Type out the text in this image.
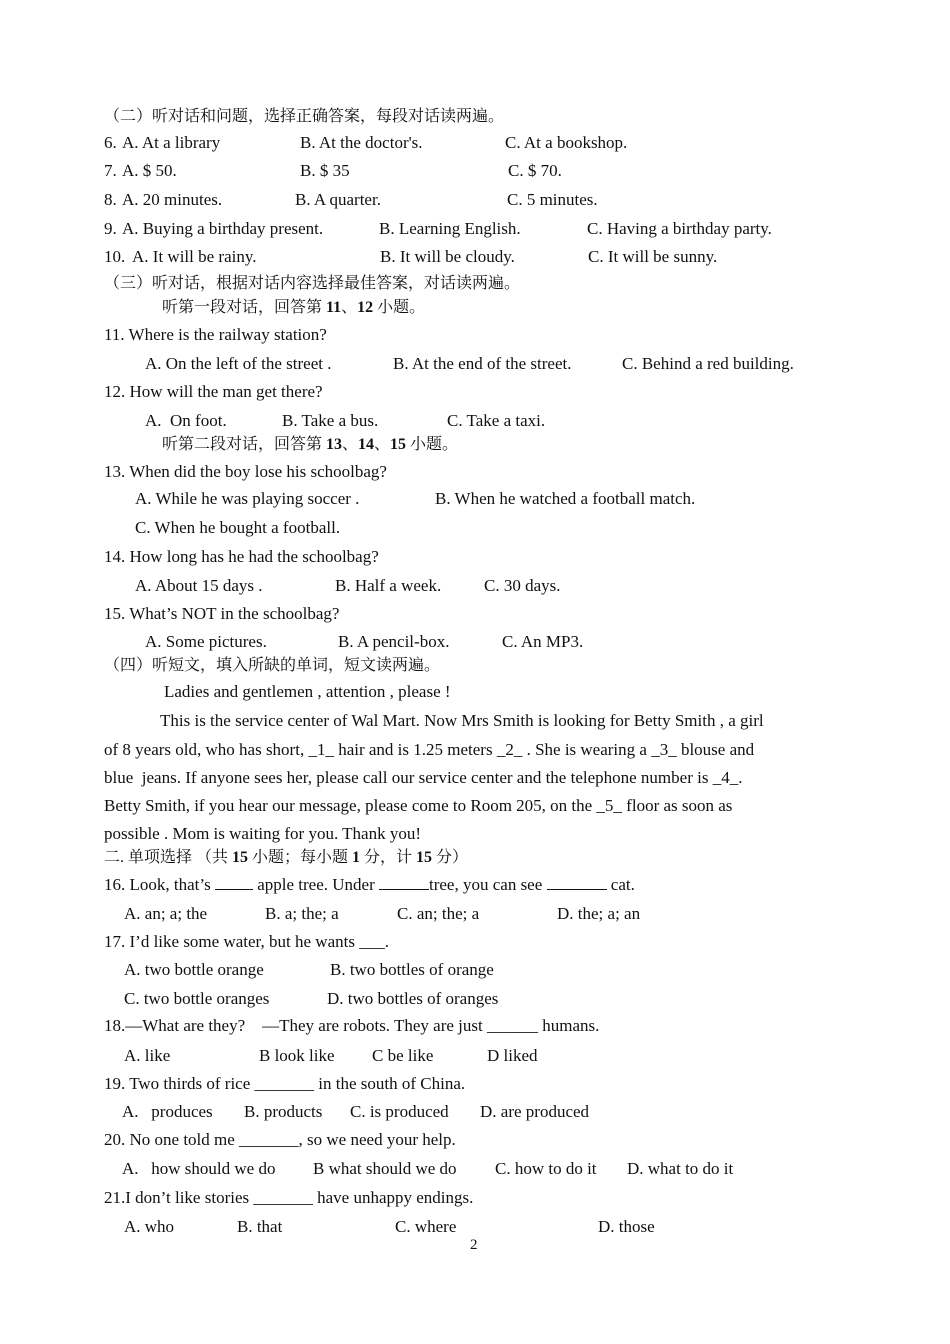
（二）听对话和问题，选择正确答案，每段对话读两遍。
6. A. At a library	B. At the doctor's.	C. At a bookshop.
7. A. $ 50.	B. $ 35	C. $ 70.
8. A. 20 minutes.	B. A quarter.	C. 5 minutes.
9. A. Buying a birthday present.	B. Learning English.	C. Having a birthday party.
10. A. It will be rainy.	B. It will be cloudy.	C. It will be sunny.
（三）听对话，根据对话内容选择最佳答案，对话读两遍。
听第一段对话，回答第 11、12 小题。
11. Where is the railway station?
A. On the left of the street .	B. At the end of the street.	C. Behind a red building.
12. How will the man get there?
A.  On foot.	B. Take a bus.	C. Take a taxi.
听第二段对话，回答第 13、14、15 小题。
13. When did the boy lose his schoolbag?
A. While he was playing soccer .	B. When he watched a football match.
C. When he bought a football.
14. How long has he had the schoolbag?
A. About 15 days .	B. Half a week.	C. 30 days.
15. What’s NOT in the schoolbag?
A. Some pictures.	B. A pencil-box.	C. An MP3.
（四）听短文，填入所缺的单词，短文读两遍。
Ladies and gentlemen , attention , please !
This is the service center of Wal Mart. Now Mrs Smith is looking for Betty Smith , a girl
of 8 years old, who has short, _1_ hair and is 1.25 meters _2_ . She is wearing a _3_ blouse and
blue  jeans. If anyone sees her, please call our service center and the telephone number is _4_.
Betty Smith, if you hear our message, please come to Room 205, on the _5_ floor as soon as
possible . Mom is waiting for you. Thank you!
二. 单项选择 （共 15 小题；每小题 1 分，计 15 分）
16. Look, that’s  apple tree. Under	tree, you can see	cat.
A. an; a; the	B. a; the; a	C. an; the; a	D. the; a; an
17. I’d like some water, but he wants ___.
A. two bottle orange	B. two bottles of orange
C. two bottle oranges	D. two bottles of oranges
18.—What are they?    —They are robots. They are just ______ humans.
A. like	B look like C be like	D liked
19. Two thirds of rice _______ in the south of China.
A.   produces B. products C. is produced D. are produced
20. No one told me _______, so we need your help.
A.   how should we do B what should we do C. how to do it D. what to do it
21.I don’t like stories _______ have unhappy endings.
A. who	B. that	C. where	D. those
2
